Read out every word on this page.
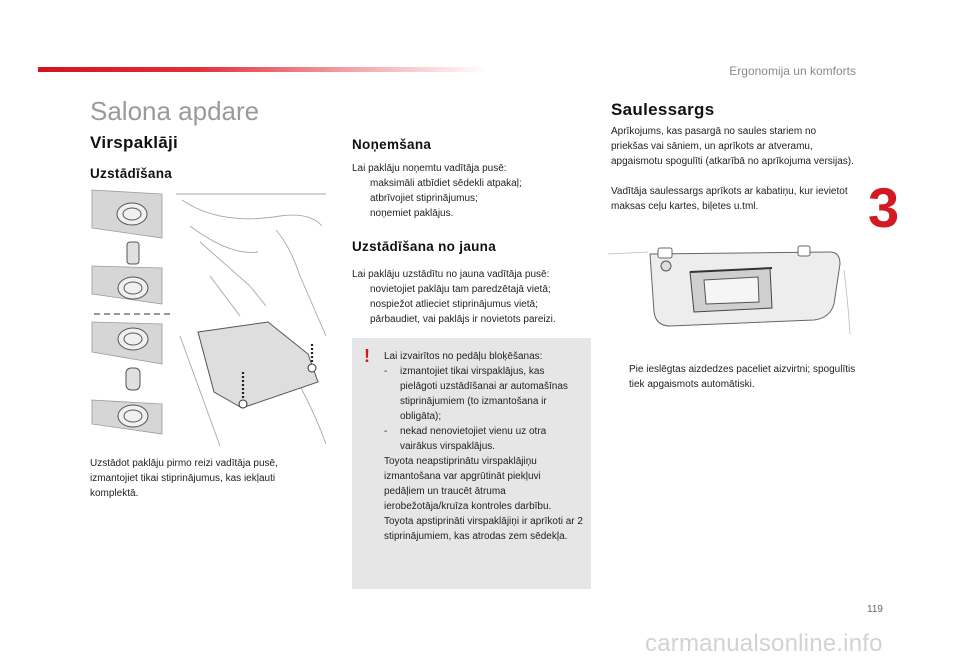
Ergonomija un komforts
3
Salona apdare
Virspaklāji
Uzstādīšana
Uzstādot paklāju pirmo reizi vadītāja pusē, izmantojiet tikai stiprinājumus, kas iekļauti komplektā.
Noņemšana
Lai paklāju noņemtu vadītāja pusē:
maksimāli atbīdiet sēdekli atpakaļ;
atbrīvojiet stiprinājumus;
noņemiet paklājus.
Uzstādīšana no jauna
Lai paklāju uzstādītu no jauna vadītāja pusē:
novietojiet paklāju tam paredzētajā vietā;
nospiežot atlieciet stiprinājumus vietā;
pārbaudiet, vai paklājs ir novietots pareizi.
! Lai izvairītos no pedāļu bloķēšanas:
- izmantojiet tikai virspaklājus, kas pielāgoti uzstādīšanai ar automašīnas stiprinājumiem (to izmantošana ir obligāta);
- nekad nenovietojiet vienu uz otra vairākus virspaklājus.
Toyota neapstiprinātu virspaklājiņu izmantošana var apgrūtināt piekļuvi pedāļiem un traucēt ātruma ierobežotāja/kruīza kontroles darbību.
Toyota apstiprināti virspaklājiņi ir aprīkoti ar 2 stiprinājumiem, kas atrodas zem sēdekļa.
Saulessargs
Aprīkojums, kas pasargā no saules stariem no priekšas vai sāniem, un aprīkots ar atveramu, apgaismotu spogulīti (atkarībā no aprīkojuma versijas).
Vadītāja saulessargs aprīkots ar kabatiņu, kur ievietot maksas ceļu kartes, biļetes u.tml.
Pie ieslēgtas aizdedzes paceliet aizvirtni; spogulītis tiek apgaismots automātiski.
119
carmanualsonline.info
